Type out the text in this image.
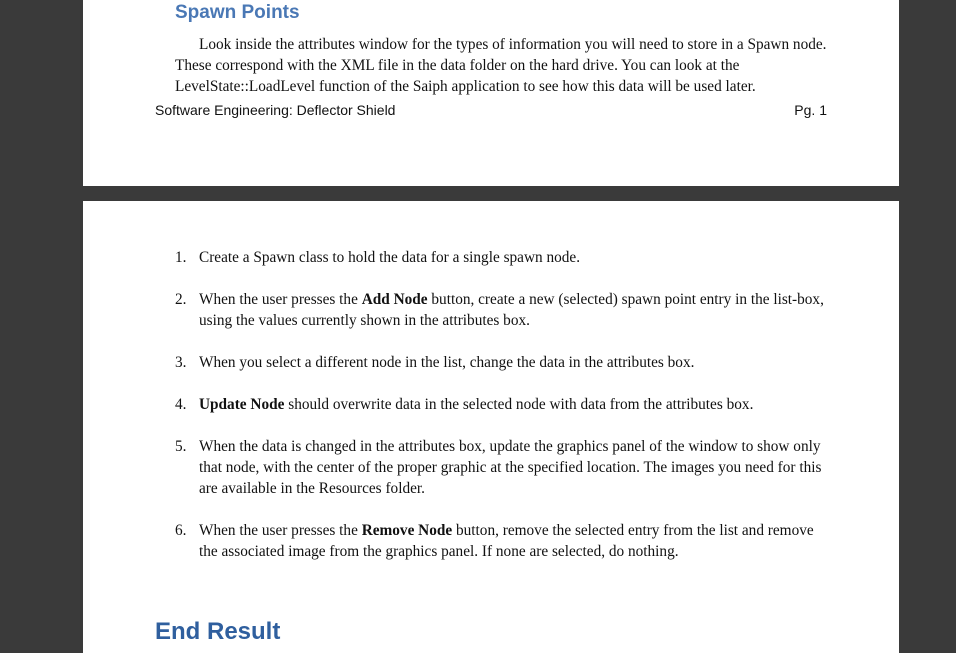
Spawn Points

Look inside the attributes window for the types of information you will need to store in a Spawn node. These correspond with the XML file in the data folder on the hard drive. You can look at the LevelState::LoadLevel function of the Saiph application to see how this data will be used later.

Software Engineering: Deflector Shield	Pg. 1
1. Create a Spawn class to hold the data for a single spawn node.
2. When the user presses the Add Node button, create a new (selected) spawn point entry in the list-box, using the values currently shown in the attributes box.
3. When you select a different node in the list, change the data in the attributes box.
4. Update Node should overwrite data in the selected node with data from the attributes box.
5. When the data is changed in the attributes box, update the graphics panel of the window to show only that node, with the center of the proper graphic at the specified location. The images you need for this are available in the Resources folder.
6. When the user presses the Remove Node button, remove the selected entry from the list and remove the associated image from the graphics panel. If none are selected, do nothing.
End Result
